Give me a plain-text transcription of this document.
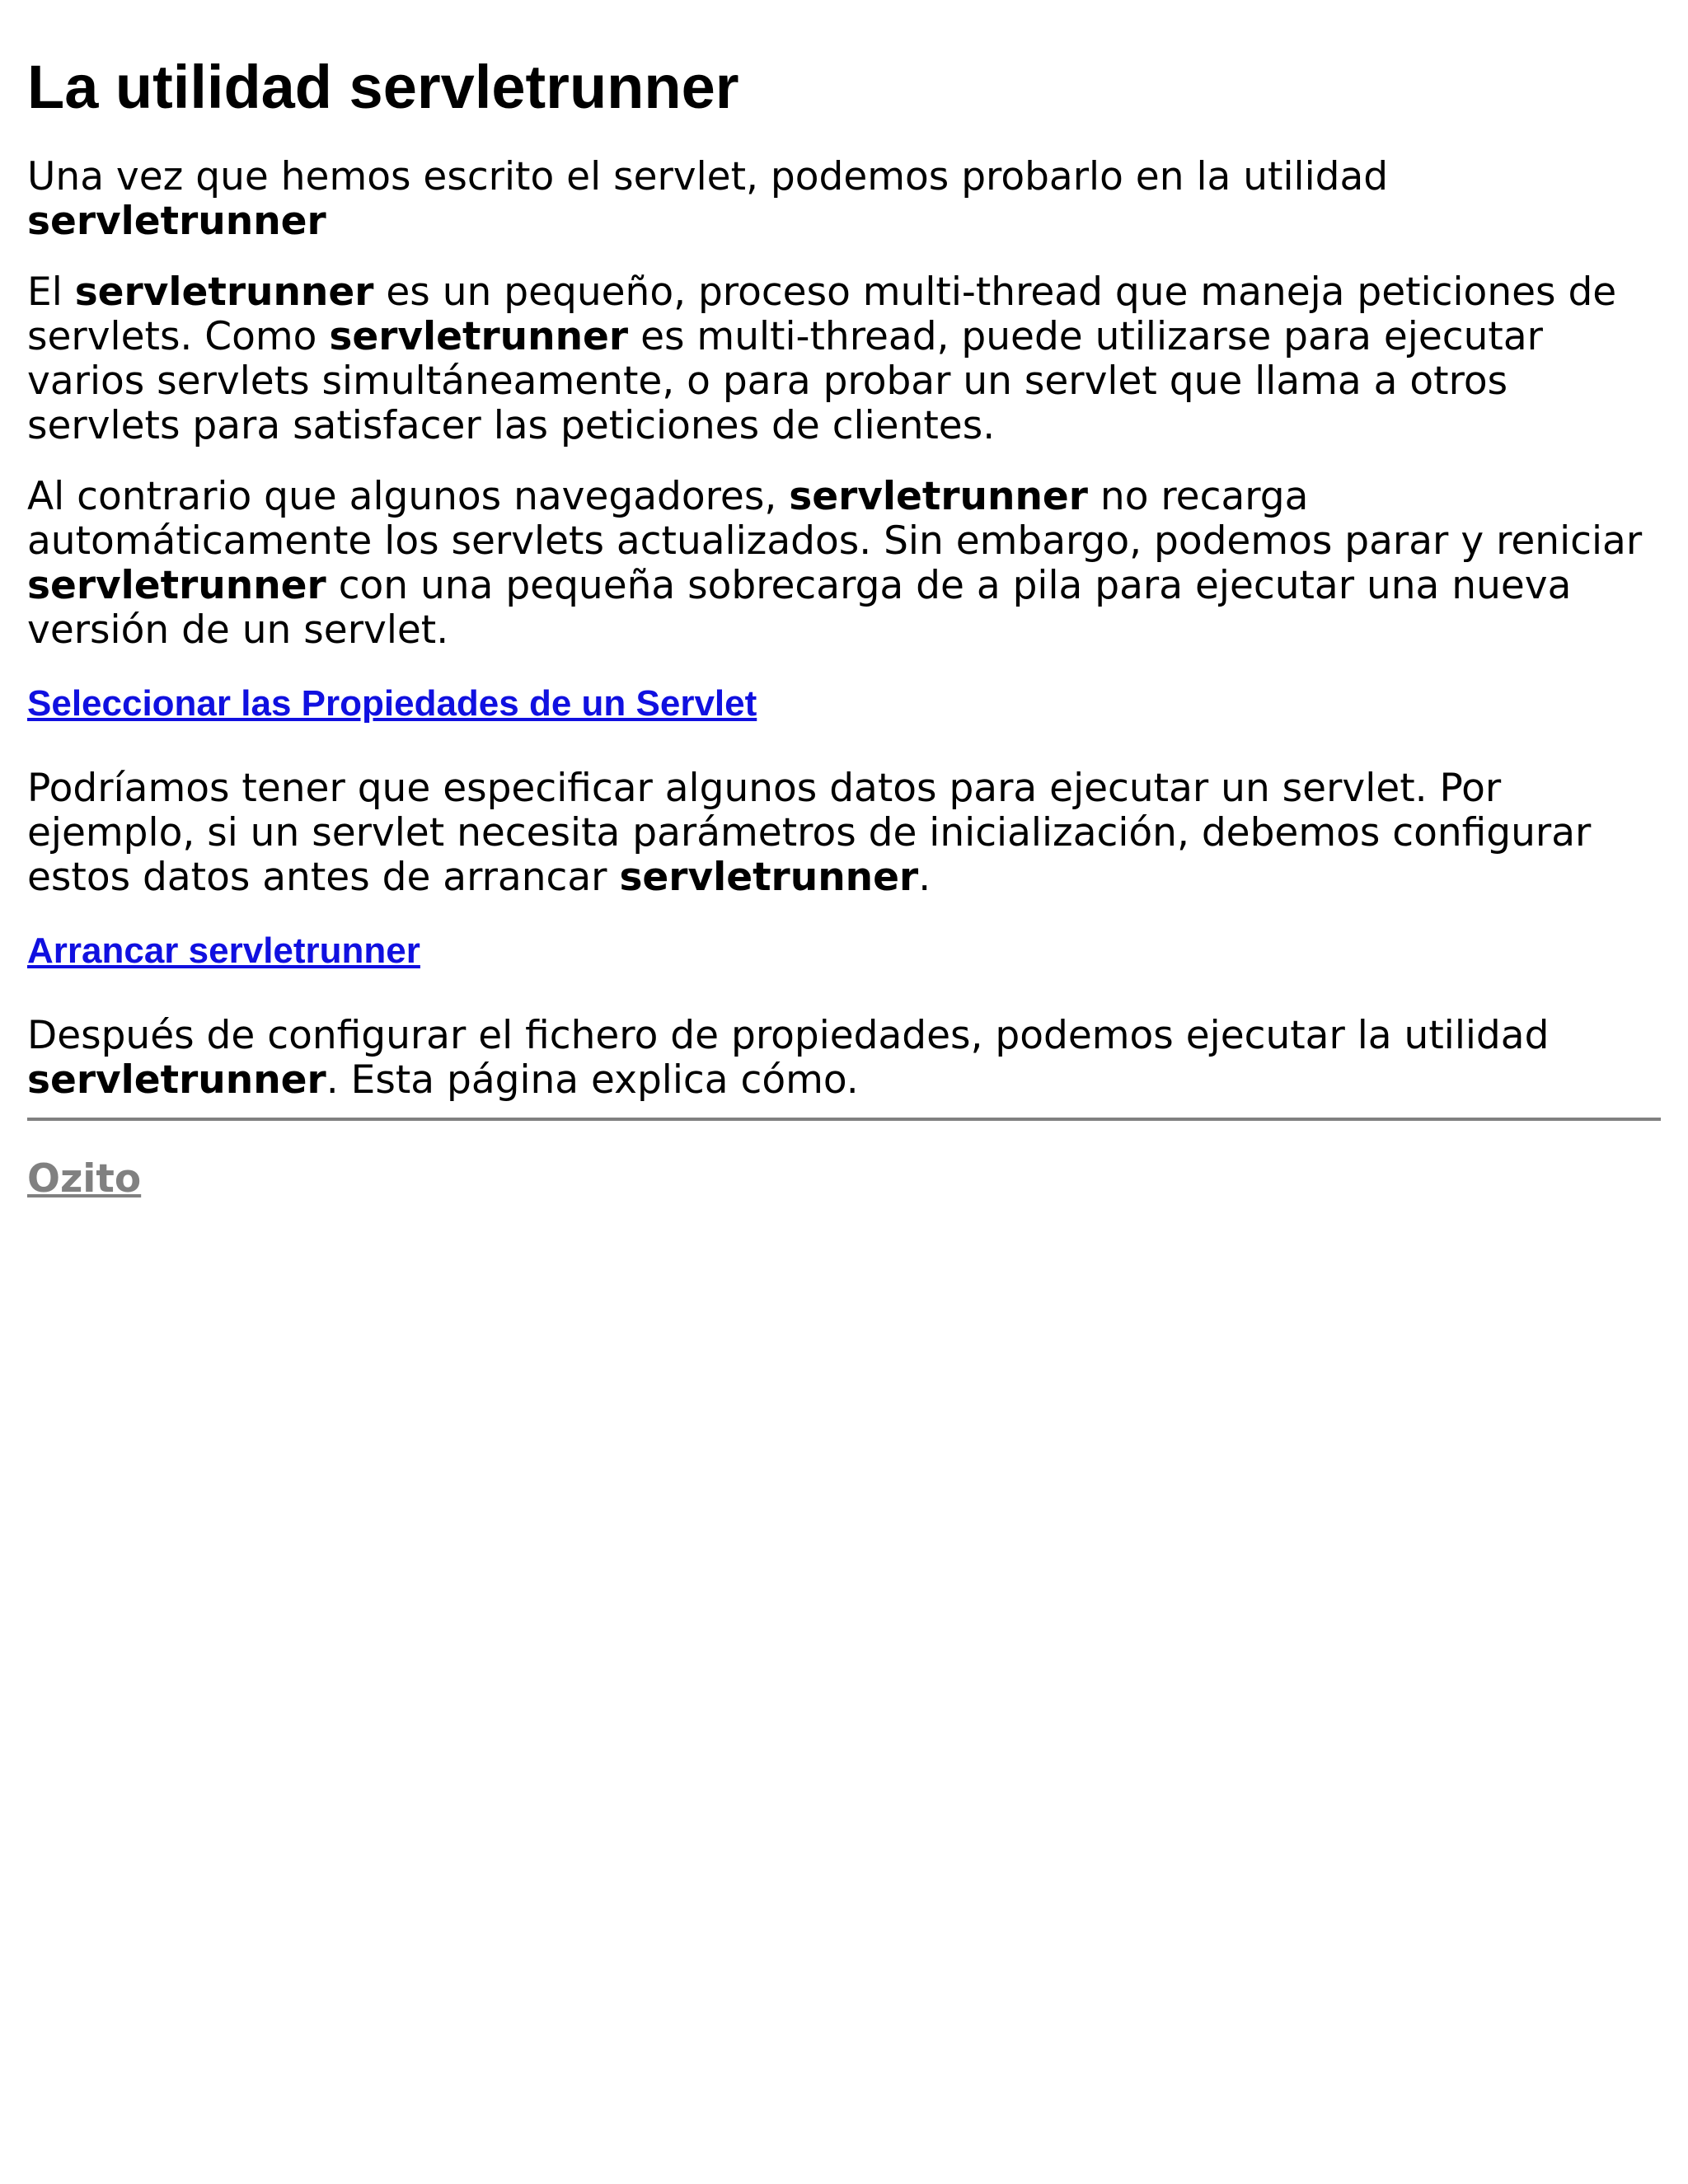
La utilidad servletrunner

Una vez que hemos escrito el servlet, podemos probarlo en la utilidad
servletrunner

El servletrunner es un pequeño, proceso multi-thread que maneja peticiones de servlets. Como servletrunner es multi-thread, puede utilizarse para ejecutar varios servlets simultáneamente, o para probar un servlet que llama a otros servlets para satisfacer las peticiones de clientes.

Al contrario que algunos navegadores, servletrunner no recarga automáticamente los servlets actualizados. Sin embargo, podemos parar y reniciar servletrunner con una pequeña sobrecarga de a pila para ejecutar una nueva versión de un servlet.

Seleccionar las Propiedades de un Servlet

Podríamos tener que especificar algunos datos para ejecutar un servlet. Por ejemplo, si un servlet necesita parámetros de inicialización, debemos configurar estos datos antes de arrancar servletrunner.

Arrancar servletrunner

Después de configurar el fichero de propiedades, podemos ejecutar la utilidad
servletrunner. Esta página explica cómo.

Ozito
